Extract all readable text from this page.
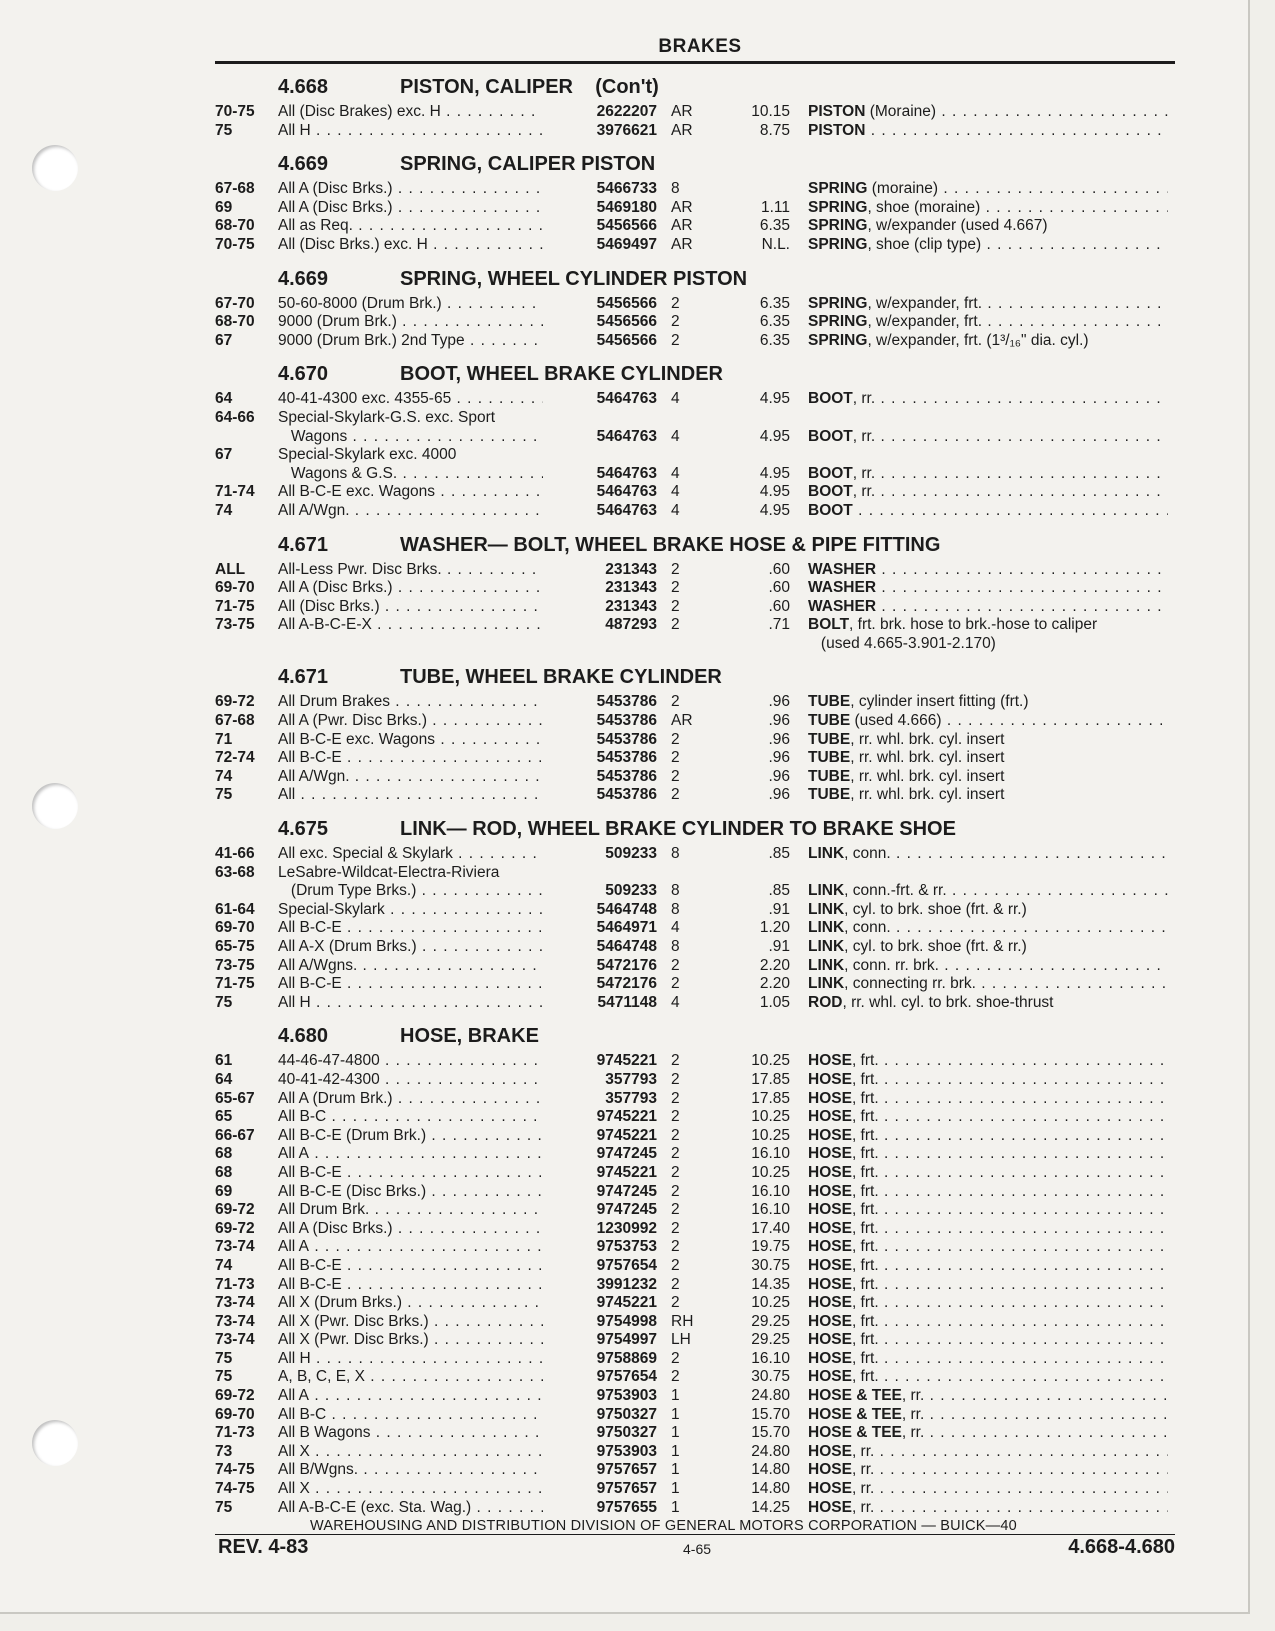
BRAKES
4.668	PISTON, CALIPER    (Con't)
70-75	All (Disc Brakes) exc. H . . .	2622207 AR	10.15 PISTON (Moraine) . . .
75	All H . . .	3976621 AR	8.75 PISTON . . .
4.669	SPRING, CALIPER PISTON
67-68	All A (Disc Brks.) . . .	5466733 8	SPRING (moraine) . . .
69	All A (Disc Brks.) . . .	5469180 AR	1.11 SPRING, shoe (moraine) . . .
68-70	All as Req. . . .	5456566 AR	6.35 SPRING, w/expander (used 4.667)
70-75	All (Disc Brks.) exc. H . . .	5469497 AR	N.L. SPRING, shoe (clip type) . . .
4.669	SPRING, WHEEL CYLINDER PISTON
67-70	50-60-8000 (Drum Brk.) . . .	5456566 2	6.35 SPRING, w/expander, frt. . . .
68-70	9000 (Drum Brk.) . . .	5456566 2	6.35 SPRING, w/expander, frt. . . .
67	9000 (Drum Brk.) 2nd Type . . .	5456566 2	6.35 SPRING, w/expander, frt. (1³/₁₆" dia. cyl.)
4.670	BOOT, WHEEL BRAKE CYLINDER
64	40-41-4300 exc. 4355-65 . . .	5464763 4	4.95 BOOT, rr. . . .
64-66	Special-Skylark-G.S. exc. Sport
Wagons . . .	5464763 4	4.95 BOOT, rr. . . .
67	Special-Skylark exc. 4000
Wagons & G.S. . . .	5464763 4	4.95 BOOT, rr. . . .
71-74	All B-C-E exc. Wagons . . .	5464763 4	4.95 BOOT, rr. . . .
74	All A/Wgn. . . .	5464763 4	4.95 BOOT . . .
4.671	WASHER— BOLT, WHEEL BRAKE HOSE & PIPE FITTING
ALL	All-Less Pwr. Disc Brks. . . .	231343 2	.60 WASHER . . .
69-70	All A (Disc Brks.) . . .	231343 2	.60 WASHER . . .
71-75	All (Disc Brks.) . . .	231343 2	.60 WASHER . . .
73-75	All A-B-C-E-X . . .	487293 2	.71 BOLT, frt. brk. hose to brk.-hose to caliper
(used 4.665-3.901-2.170)
4.671	TUBE, WHEEL BRAKE CYLINDER
69-72	All Drum Brakes . . .	5453786 2	.96 TUBE, cylinder insert fitting (frt.)
67-68	All A (Pwr. Disc Brks.) . . .	5453786 AR	.96 TUBE (used 4.666) . . .
71	All B-C-E exc. Wagons . . .	5453786 2	.96 TUBE, rr. whl. brk. cyl. insert
72-74	All B-C-E . . .	5453786 2	.96 TUBE, rr. whl. brk. cyl. insert
74	All A/Wgn. . . .	5453786 2	.96 TUBE, rr. whl. brk. cyl. insert
75	All . . .	5453786 2	.96 TUBE, rr. whl. brk. cyl. insert
4.675	LINK— ROD, WHEEL BRAKE CYLINDER TO BRAKE SHOE
41-66	All exc. Special & Skylark . . .	509233 8	.85 LINK, conn. . . .
63-68	LeSabre-Wildcat-Electra-Riviera
(Drum Type Brks.) . . .	509233 8	.85 LINK, conn.-frt. & rr. . . .
61-64	Special-Skylark . . .	5464748 8	.91 LINK, cyl. to brk. shoe (frt. & rr.)
69-70	All B-C-E . . .	5464971 4	1.20 LINK, conn. . . .
65-75	All A-X (Drum Brks.) . . .	5464748 8	.91 LINK, cyl. to brk. shoe (frt. & rr.)
73-75	All A/Wgns. . . .	5472176 2	2.20 LINK, conn. rr. brk. . . .
71-75	All B-C-E . . .	5472176 2	2.20 LINK, connecting rr. brk. . . .
75	All H . . .	5471148 4	1.05 ROD, rr. whl. cyl. to brk. shoe-thrust
4.680	HOSE, BRAKE
61	44-46-47-4800 . . .	9745221 2	10.25 HOSE, frt. . . .
64	40-41-42-4300 . . .	357793 2	17.85 HOSE, frt. . . .
65-67	All A (Drum Brk.) . . .	357793 2	17.85 HOSE, frt. . . .
65	All B-C . . .	9745221 2	10.25 HOSE, frt. . . .
66-67	All B-C-E (Drum Brk.) . . .	9745221 2	10.25 HOSE, frt. . . .
68	All A . . .	9747245 2	16.10 HOSE, frt. . . .
68	All B-C-E . . .	9745221 2	10.25 HOSE, frt. . . .
69	All B-C-E (Disc Brks.) . . .	9747245 2	16.10 HOSE, frt. . . .
69-72	All Drum Brk. . . .	9747245 2	16.10 HOSE, frt. . . .
69-72	All A (Disc Brks.) . . .	1230992 2	17.40 HOSE, frt. . . .
73-74	All A . . .	9753753 2	19.75 HOSE, frt. . . .
74	All B-C-E . . .	9757654 2	30.75 HOSE, frt. . . .
71-73	All B-C-E . . .	3991232 2	14.35 HOSE, frt. . . .
73-74	All X (Drum Brks.) . . .	9745221 2	10.25 HOSE, frt. . . .
73-74	All X (Pwr. Disc Brks.) . . .	9754998 RH	29.25 HOSE, frt. . . .
73-74	All X (Pwr. Disc Brks.) . . .	9754997 LH	29.25 HOSE, frt. . . .
75	All H . . .	9758869 2	16.10 HOSE, frt. . . .
75	A, B, C, E, X . . .	9757654 2	30.75 HOSE, frt. . . .
69-72	All A . . .	9753903 1	24.80 HOSE & TEE, rr. . . .
69-70	All B-C . . .	9750327 1	15.70 HOSE & TEE, rr. . . .
71-73	All B Wagons . . .	9750327 1	15.70 HOSE & TEE, rr. . . .
73	All X . . .	9753903 1	24.80 HOSE, rr. . . .
74-75	All B/Wgns. . . .	9757657 1	14.80 HOSE, rr. . . .
74-75	All X . . .	9757657 1	14.80 HOSE, rr. . . .
75	All A-B-C-E (exc. Sta. Wag.) . . .	9757655 1	14.25 HOSE, rr. . . .
WAREHOUSING AND DISTRIBUTION DIVISION OF GENERAL MOTORS CORPORATION — BUICK—40
REV. 4-83	4-65	4.668-4.680
